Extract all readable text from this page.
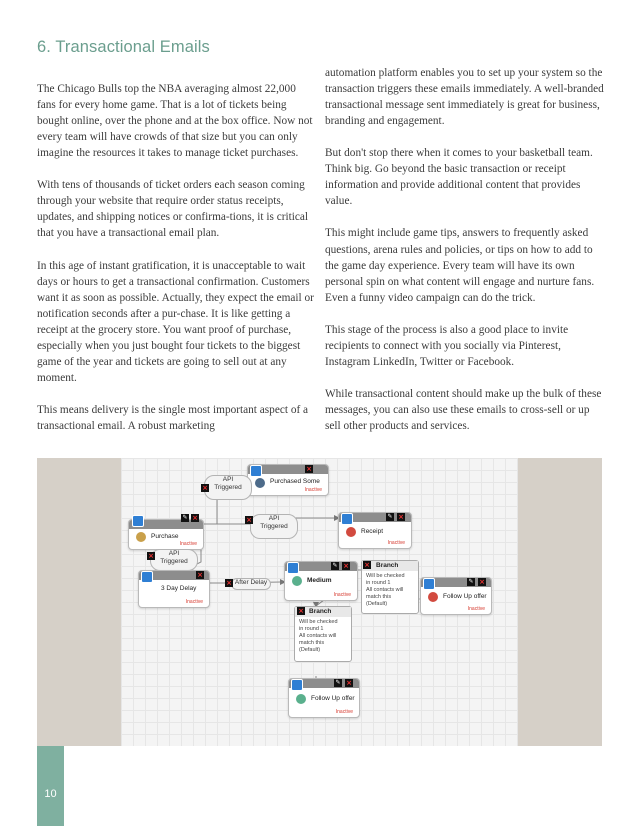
6. Transactional Emails

The Chicago Bulls top the NBA averaging almost 22,000 fans for every home game. That is a lot of tickets being bought online, over the phone and at the box office. Now not every team will have crowds of that size but you can only imagine the resources it takes to manage ticket purchases.

With tens of thousands of ticket orders each season coming through your website that require order status receipts, updates, and shipping notices or confirma-tions, it is critical that you have a transactional email plan.

In this age of instant gratification, it is unacceptable to wait days or hours to get a transactional confirmation. Customers want it as soon as possible. Actually, they expect the email or notification seconds after a pur-chase. It is like getting a receipt at the grocery store. You want proof of purchase, especially when you just bought four tickets to the biggest game of the year and tickets are going to sell out at any moment.

This means delivery is the single most important aspect of a transactional email. A robust marketing

automation platform enables you to set up your system so the transaction triggers these emails immediately. A well-branded transactional message sent immediately is great for business, branding and engagement.

But don't stop there when it comes to your basketball team. Think big. Go beyond the basic transaction or receipt information and provide additional content that provides value.

This might include game tips, answers to frequently asked questions, arena rules and policies, or tips on how to add to the game day experience. Every team will have its own personal spin on what content will engage and nurture fans. Even a funny video campaign can do the trick.

This stage of the process is also a good place to invite recipients to connect with you socially via Pinterest, Instagram LinkedIn, Twitter or Facebook.

While transactional content should make up the bulk of these messages, you can also use these emails to cross-sell or up sell other products and services.

Purchased Some
Inactive
×
Purchase
Inactive
✎ ×
API
Triggered
×
API
Triggered
×
API
Triggered
×
Receipt
Inactive
✎ ×
3 Day Delay
Inactive
×
After Delay
×	Medium
Inactive
✎ ×	Branch
Will be checked
in round 1
All contacts will
match this
(Default)
×
Follow Up offer
Inactive
✎ ×
Branch
Will be checked
in round 1
All contacts will
match this
(Default)
×
Follow Up offer
Inactive
✎ ×
10
